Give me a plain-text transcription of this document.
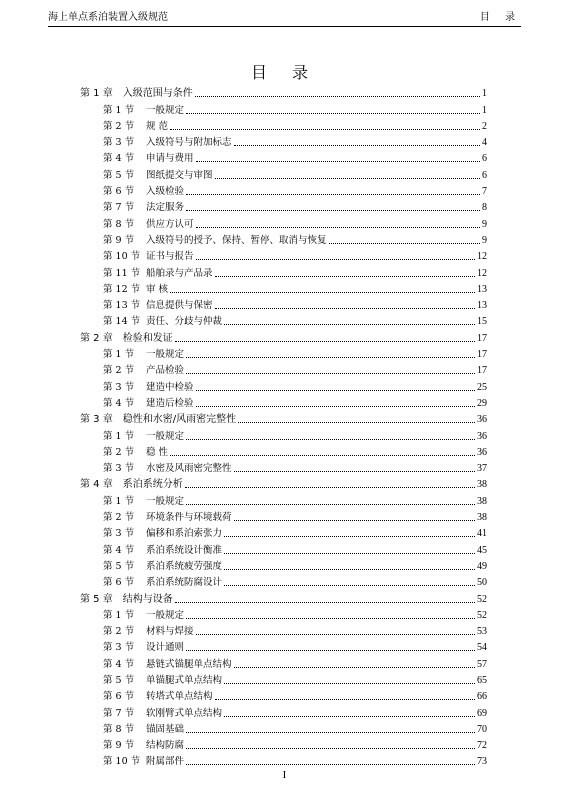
海上单点系泊装置入级规范	目 录
目 录
第 1 章 入级范围与条件	1
第 1 节	一般规定	1
第 2 节	规 范	2
第 3 节	入级符号与附加标志	4
第 4 节	申请与费用	6
第 5 节	图纸提交与审图	6
第 6 节	入级检验	7
第 7 节	法定服务	8
第 8 节	供应方认可	9
第 9 节	入级符号的授予、保持、暂停、取消与恢复	9
第 10 节 证书与报告	12
第 11 节 船舶录与产品录	12
第 12 节 审 核	13
第 13 节 信息提供与保密	13
第 14 节 责任、分歧与仲裁	15
第 2 章 检验和发证	17
第 1 节	一般规定	17
第 2 节	产品检验	17
第 3 节	建造中检验	25
第 4 节	建造后检验	29
第 3 章 稳性和水密/风雨密完整性	36
第 1 节	一般规定	36
第 2 节	稳 性	36
第 3 节	水密及风雨密完整性	37
第 4 章 系泊系统分析	38
第 1 节	一般规定	38
第 2 节	环境条件与环境载荷	38
第 3 节	偏移和系泊索张力	41
第 4 节	系泊系统设计衡准	45
第 5 节	系泊系统疲劳强度	49
第 6 节	系泊系统防腐设计	50
第 5 章 结构与设备	52
第 1 节	一般规定	52
第 2 节	材料与焊接	53
第 3 节	设计通则	54
第 4 节	悬链式锚腿单点结构	57
第 5 节	单锚腿式单点结构	65
第 6 节	转塔式单点结构	66
第 7 节	软刚臂式单点结构	69
第 8 节	锚固基础	70
第 9 节	结构防腐	72
第 10 节 附属部件	73
I
